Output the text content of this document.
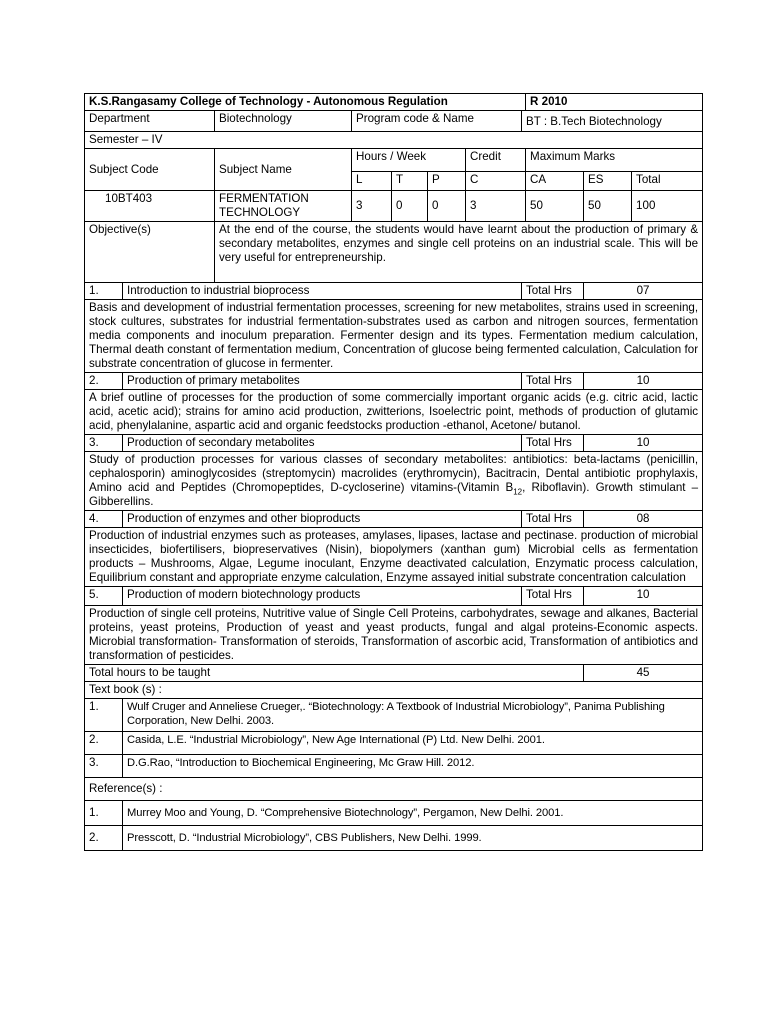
K.S.Rangasamy College of Technology - Autonomous Regulation								R 2010		
Department		Biotechnology	Program code & Name				BT : B.Tech Biotechnology			
Semester – IV										
Subject Code		Subject Name	Hours / Week			Credit		Maximum Marks		
			L	T	P	C		CA	ES	Total
10BT403		FERMENTATION TECHNOLOGY	3	0	0	3		50	50	100
Objective(s)		At the end of the course, the students would have learnt about the production of primary & secondary metabolites, enzymes and single cell proteins on an industrial scale. This will be very useful for entrepreneurship.								
1.	Introduction to industrial bioprocess						Total Hrs		07	
Basis and development of industrial fermentation processes, screening for new metabolites, strains used in screening, stock cultures, substrates for industrial fermentation-substrates used as carbon and nitrogen sources, fermentation media components and inoculum preparation. Fermenter design and its types. Fermentation medium calculation, Thermal death constant of fermentation medium, Concentration of glucose being fermented calculation, Calculation for substrate concentration of glucose in fermenter.										
2.	Production of primary metabolites						Total Hrs		10	
A brief outline of processes for the production of some commercially important organic acids (e.g. citric acid, lactic acid, acetic acid); strains for amino acid production, zwitterions, Isoelectric point, methods of production of glutamic acid, phenylalanine, aspartic acid and organic feedstocks production -ethanol, Acetone/ butanol.										
3.	Production of secondary metabolites						Total Hrs		10	
Study of production processes for various classes of secondary metabolites: antibiotics: beta-lactams (penicillin, cephalosporin) aminoglycosides (streptomycin) macrolides (erythromycin), Bacitracin, Dental antibiotic prophylaxis, Amino acid and Peptides (Chromopeptides, D-cycloserine) vitamins-(Vitamin $B_{12}$, Riboflavin). Growth stimulant – Gibberellins.										
4.	Production of enzymes and other bioproducts						Total Hrs		08	
Production of industrial enzymes such as proteases, amylases, lipases, lactase and pectinase. production of microbial insecticides, biofertilisers, biopreservatives (Nisin), biopolymers (xanthan gum) Microbial cells as fermentation products – Mushrooms, Algae, Legume inoculant, Enzyme deactivated calculation, Enzymatic process calculation, Equilibrium constant and appropriate enzyme calculation, Enzyme assayed initial substrate concentration calculation										
5.	Production of modern biotechnology products						Total Hrs		10	
Production of single cell proteins, Nutritive value of Single Cell Proteins, carbohydrates, sewage and alkanes, Bacterial proteins, yeast proteins, Production of yeast and yeast products, fungal and algal proteins-Economic aspects. Microbial transformation- Transformation of steroids, Transformation of ascorbic acid, Transformation of antibiotics and transformation of pesticides.										
Total hours to be taught									45	
Text book (s) :										
1.	Wulf Cruger and Anneliese Crueger,. “Biotechnology: A Textbook of Industrial Microbiology”, Panima Publishing Corporation, New Delhi. 2003.									
2.	Casida, L.E. “Industrial Microbiology”, New Age International (P) Ltd. New Delhi. 2001.									
3.	D.G.Rao, “Introduction to Biochemical Engineering, Mc Graw Hill. 2012.									
Reference(s) :										
1.	Murrey Moo and Young, D. “Comprehensive Biotechnology”, Pergamon, New Delhi. 2001.									
2.	Presscott, D. “Industrial Microbiology”, CBS Publishers, New Delhi. 1999.									
